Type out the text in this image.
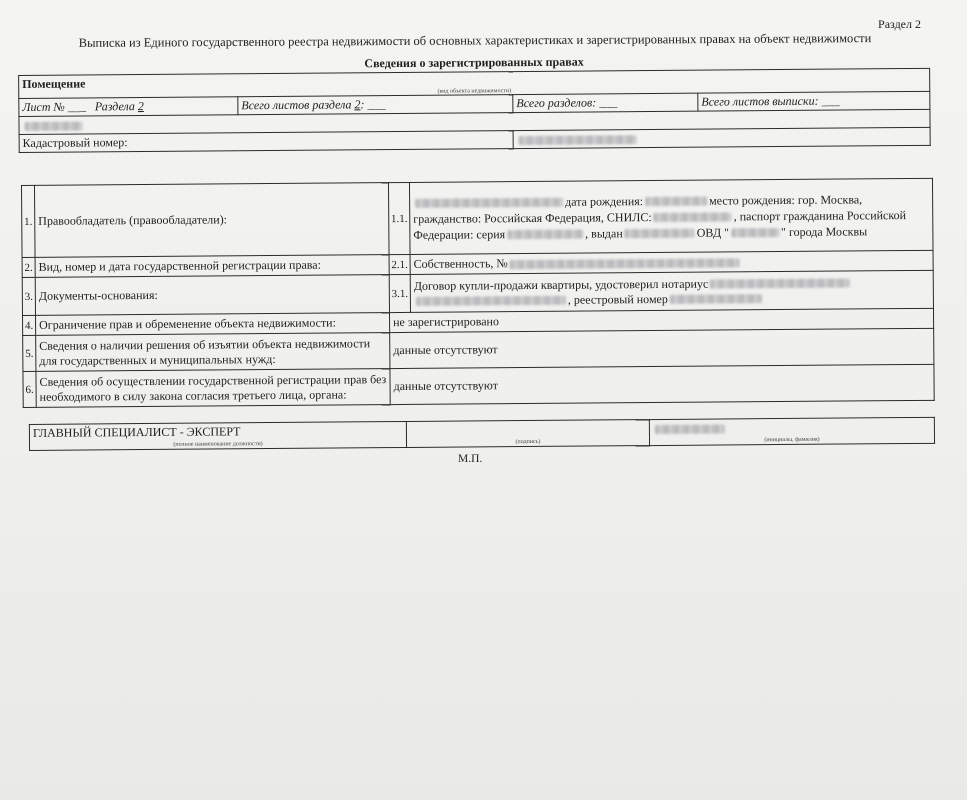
Раздел 2
Выписка из Единого государственного реестра недвижимости об основных характеристиках и зарегистрированных правах на объект недвижимости
Сведения о зарегистрированных правах			

Помещение
(вид объекта недвижимости)			

Лист № ___ Раздела 2	Всего листов раздела 2: ___	Всего разделов: ___	Всего листов выписки: ___

Кадастровый номер:			
1.	Правообладатель (правообладатели):	1.1.	дата рождения: место рождения: гор. Москва, гражданство: Российская Федерация, СНИЛС: , паспорт гражданина Российской Федерации: серия , выдан ОВД " " города Москвы
2.	Вид, номер и дата государственной регистрации права:	2.1.	Собственность, №
3.	Документы-основания:	3.1.	Договор купли-продажи квартиры, удостоверил нотариус, реестровый номер
4.	Ограничение прав и обременение объекта недвижимости:	не зарегистрировано	
5.	Сведения о наличии решения об изъятии объекта недвижимости для государственных и муниципальных нужд:	данные отсутствуют	
6.	Сведения об осуществлении государственной регистрации прав без необходимого в силу закона согласия третьего лица, органа:	данные отсутствуют	
ГЛАВНЫЙ СПЕЦИАЛИСТ - ЭКСПЕРТ		
(полное наименование должности)	(подпись)	(инициалы, фамилия)
М.П.
